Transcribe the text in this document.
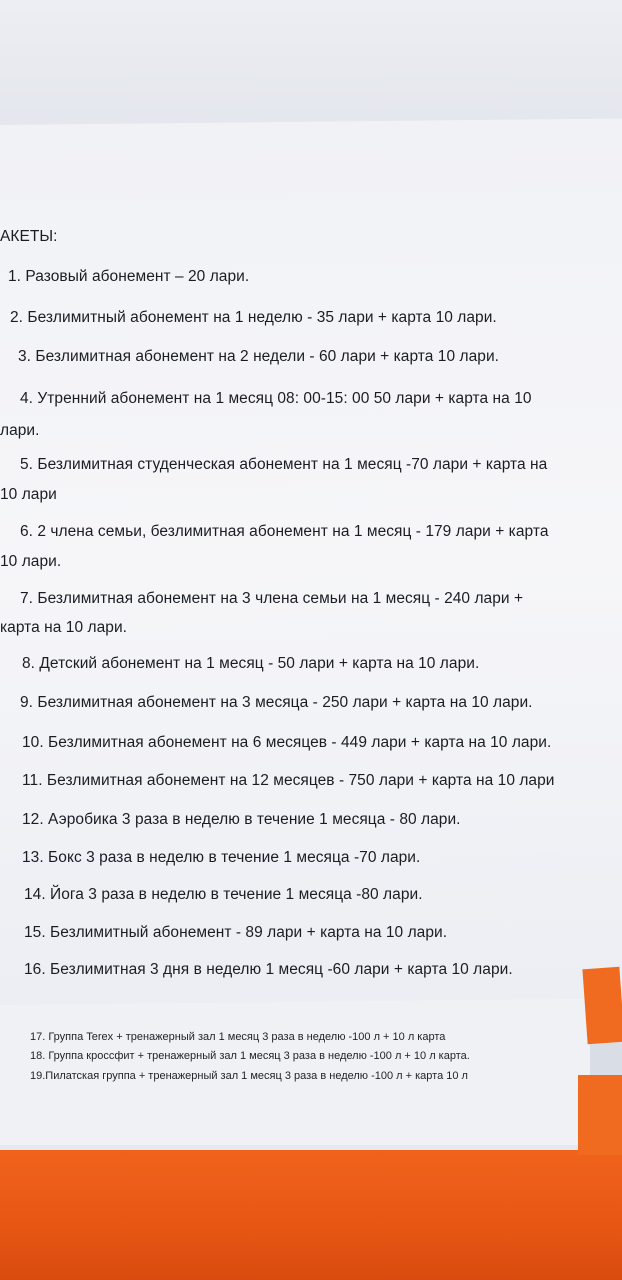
АКЕТЫ:
1. Разовый абонемент – 20 лари.
2. Безлимитный абонемент на 1 неделю - 35 лари + карта 10 лари.
3. Безлимитная абонемент на 2 недели - 60 лари + карта 10 лари.
4. Утренний абонемент на 1 месяц 08: 00-15: 00 50 лари + карта на 10
лари.
5. Безлимитная студенческая абонемент на 1 месяц -70 лари + карта на
10 лари
6. 2 члена семьи, безлимитная абонемент на 1 месяц - 179 лари + карта
10 лари.
7. Безлимитная абонемент на 3 члена семьи на 1 месяц - 240 лари +
карта на 10 лари.
8. Детский абонемент на 1 месяц - 50 лари + карта на 10 лари.
9. Безлимитная абонемент на 3 месяца - 250 лари + карта на 10 лари.
10. Безлимитная абонемент на 6 месяцев - 449 лари + карта на 10 лари.
11. Безлимитная абонемент на 12 месяцев - 750 лари + карта на 10 лари
12. Аэробика 3 раза в неделю в течение 1 месяца - 80 лари.
13. Бокс 3 раза в неделю в течение 1 месяца -70 лари.
14. Йога 3 раза в неделю в течение 1 месяца -80 лари.
15. Безлимитный абонемент - 89 лари + карта на 10 лари.
16. Безлимитная 3 дня в неделю 1 месяц -60 лари + карта 10 лари.
17. Группа Terex + тренажерный зал 1 месяц 3 раза в неделю -100 л + 10 л карта
18. Группа кроссфит + тренажерный зал 1 месяц 3 раза в неделю -100 л + 10 л карта.
19.Пилатская группа + тренажерный зал 1 месяц 3 раза в неделю -100 л + карта 10 л
